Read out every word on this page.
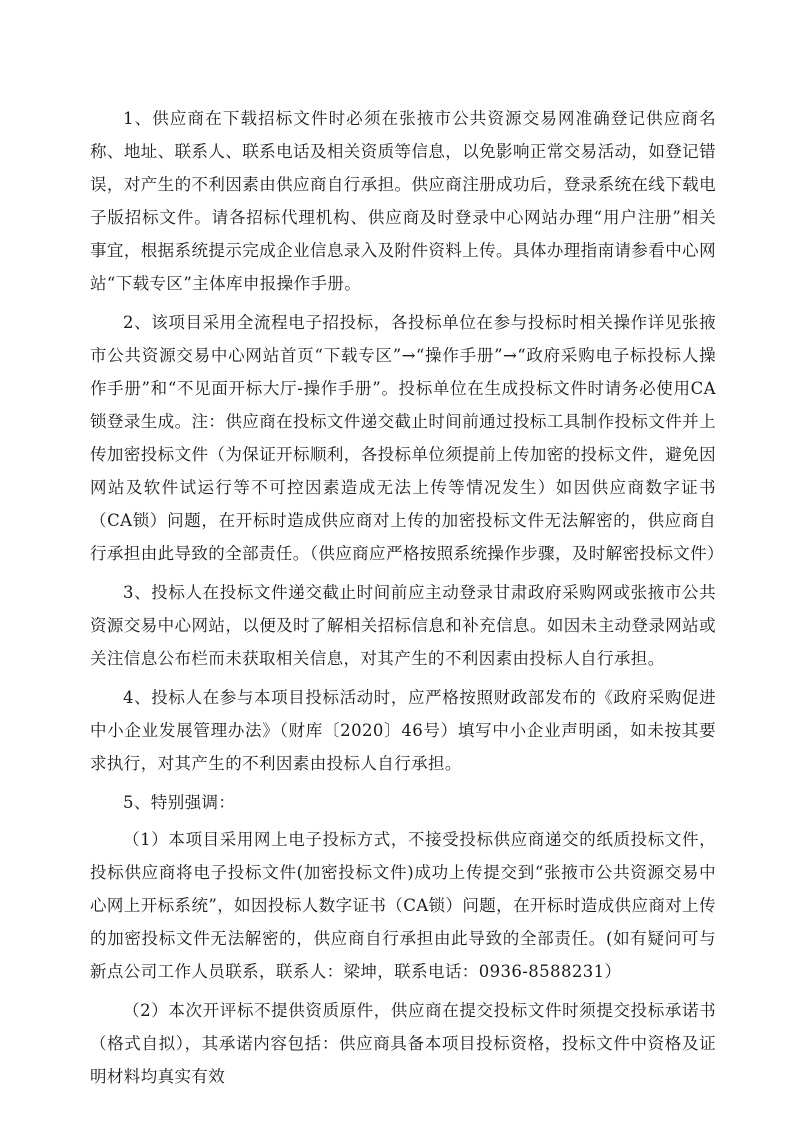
1、供应商在下载招标文件时必须在张掖市公共资源交易网准确登记供应商名称、地址、联系人、联系电话及相关资质等信息，以免影响正常交易活动，如登记错误，对产生的不利因素由供应商自行承担。供应商注册成功后，登录系统在线下载电子版招标文件。请各招标代理机构、供应商及时登录中心网站办理“用户注册”相关事宜，根据系统提示完成企业信息录入及附件资料上传。具体办理指南请参看中心网站“下载专区”主体库申报操作手册。

2、该项目采用全流程电子招投标，各投标单位在参与投标时相关操作详见张掖市公共资源交易中心网站首页“下载专区”→“操作手册”→“政府采购电子标投标人操作手册”和“不见面开标大厅-操作手册”。投标单位在生成投标文件时请务必使用CA锁登录生成。注：供应商在投标文件递交截止时间前通过投标工具制作投标文件并上传加密投标文件（为保证开标顺利，各投标单位须提前上传加密的投标文件，避免因网站及软件试运行等不可控因素造成无法上传等情况发生）如因供应商数字证书（CA锁）问题，在开标时造成供应商对上传的加密投标文件无法解密的，供应商自行承担由此导致的全部责任。（供应商应严格按照系统操作步骤，及时解密投标文件）

3、投标人在投标文件递交截止时间前应主动登录甘肃政府采购网或张掖市公共资源交易中心网站，以便及时了解相关招标信息和补充信息。如因未主动登录网站或关注信息公布栏而未获取相关信息，对其产生的不利因素由投标人自行承担。

4、投标人在参与本项目投标活动时，应严格按照财政部发布的《政府采购促进中小企业发展管理办法》（财库〔2020〕46号）填写中小企业声明函，如未按其要求执行，对其产生的不利因素由投标人自行承担。

5、特别强调：

（1）本项目采用网上电子投标方式，不接受投标供应商递交的纸质投标文件，投标供应商将电子投标文件(加密投标文件)成功上传提交到“张掖市公共资源交易中心网上开标系统”，如因投标人数字证书（CA锁）问题，在开标时造成供应商对上传的加密投标文件无法解密的，供应商自行承担由此导致的全部责任。(如有疑问可与新点公司工作人员联系，联系人：梁坤，联系电话：0936-8588231）

（2）本次开评标不提供资质原件，供应商在提交投标文件时须提交投标承诺书（格式自拟），其承诺内容包括：供应商具备本项目投标资格，投标文件中资格及证明材料均真实有效
